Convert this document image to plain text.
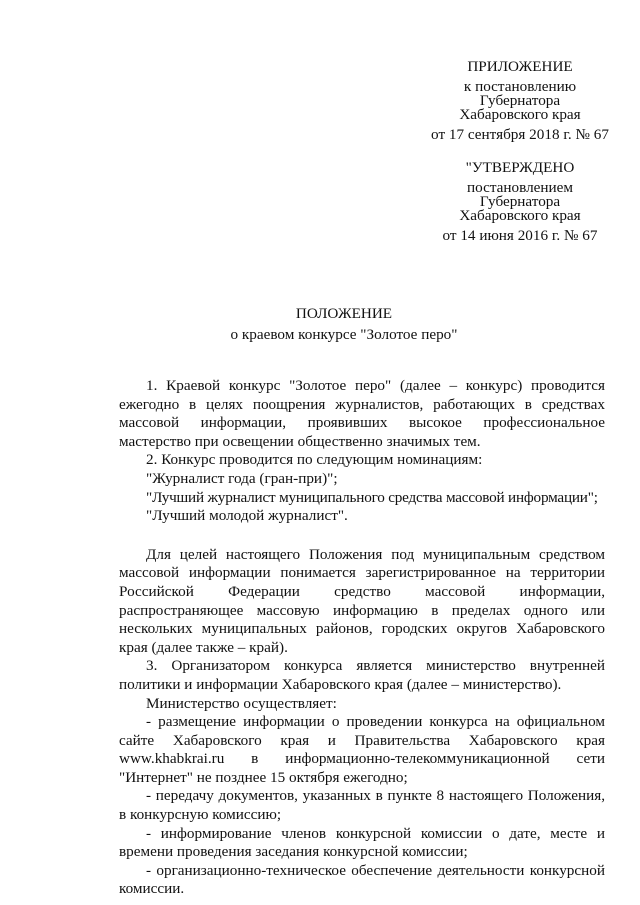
ПРИЛОЖЕНИЕ
к постановлению
Губернатора
Хабаровского края
от 17 сентября 2018 г. № 67
"УТВЕРЖДЕНО
постановлением
Губернатора
Хабаровского края
от 14 июня 2016 г. № 67
ПОЛОЖЕНИЕ
о краевом конкурсе "Золотое перо"

1. Краевой конкурс "Золотое перо" (далее – конкурс) проводится ежегодно в целях поощрения журналистов, работающих в средствах массовой информации, проявивших высокое профессиональное мастерство при освещении общественно значимых тем.

2. Конкурс проводится по следующим номинациям:

"Журналист года (гран-при)";

"Лучший журналист муниципального средства массовой информации";

"Лучший молодой журналист".

Для целей настоящего Положения под муниципальным средством массовой информации понимается зарегистрированное на территории Российской Федерации средство массовой информации, распространяющее массовую информацию в пределах одного или нескольких муниципальных районов, городских округов Хабаровского края (далее также – край).

3. Организатором конкурса является министерство внутренней политики и информации Хабаровского края (далее – министерство).

Министерство осуществляет:

- размещение информации о проведении конкурса на официальном сайте Хабаровского края и Правительства Хабаровского края www.khabkrai.ru в информационно-телекоммуникационной сети "Интернет" не позднее 15 октября ежегодно;

- передачу документов, указанных в пункте 8 настоящего Положения, в конкурсную комиссию;

- информирование членов конкурсной комиссии о дате, месте и времени проведения заседания конкурсной комиссии;

- организационно-техническое обеспечение деятельности конкурсной комиссии.
